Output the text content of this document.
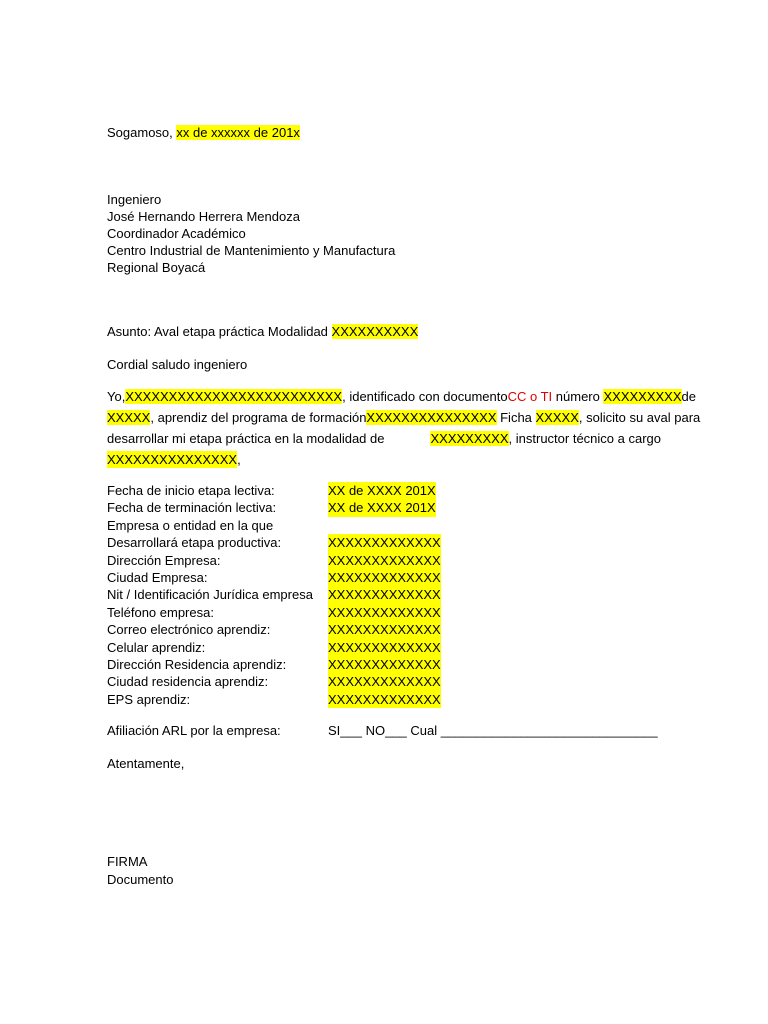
Sogamoso, xx de xxxxxx de 201x
Ingeniero
José Hernando Herrera Mendoza
Coordinador Académico
Centro Industrial de Mantenimiento y Manufactura
Regional Boyacá
Asunto: Aval etapa práctica Modalidad XXXXXXXXXX
Cordial saludo ingeniero
Yo, XXXXXXXXXXXXXXXXXXXXXXXXX, identificado con documento CC o TI número XXXXXXXXX de
XXXXX, aprendiz del programa de formación XXXXXXXXXXXXXXX Ficha XXXXX, solicito su aval para
desarrollar mi etapa práctica en la modalidad de	XXXXXXXXX, instructor técnico a cargo
XXXXXXXXXXXXXXX ,
Fecha de inicio etapa lectiva:	XX de XXXX 201X
Fecha de terminación lectiva:	XX de XXXX 201X
Empresa o entidad en la que
Desarrollará etapa productiva:	XXXXXXXXXXXXX
Dirección Empresa:	XXXXXXXXXXXXX
Ciudad Empresa:	XXXXXXXXXXXXX
Nit / Identificación Jurídica empresa XXXXXXXXXXXXX
Teléfono empresa:	XXXXXXXXXXXXX
Correo electrónico aprendiz:	XXXXXXXXXXXXX
Celular aprendiz:	XXXXXXXXXXXXX
Dirección Residencia aprendiz:	XXXXXXXXXXXXX
Ciudad residencia aprendiz:	XXXXXXXXXXXXX
EPS aprendiz:	XXXXXXXXXXXXX
Afiliación ARL por la empresa:	SI___ NO___ Cual ______________________________
Atentamente,
FIRMA
Documento
